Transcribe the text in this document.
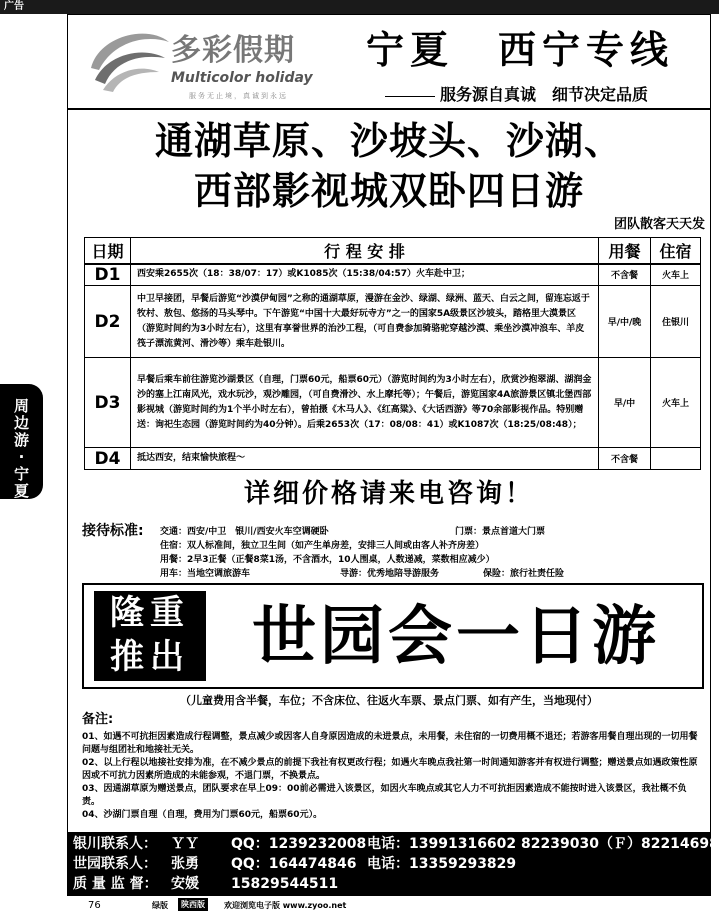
广告
周边游·宁夏
多彩假期
Multicolor holiday
服务无止境，真诚到永远
宁夏　西宁专线
服务源自真诚　细节决定品质
通湖草原、沙坡头、沙湖、
西部影视城双卧四日游
团队散客天天发
日期	行 程 安 排	用餐	住宿
D1	西安乘2655次（18：38/07：17）或K1085次（15:38/04:57）火车赴中卫；	不含餐	火车上
D2	中卫早接团，早餐后游览“沙漠伊甸园”之称的通湖草原，漫游在金沙、绿湖、绿洲、蓝天、白云之间，留连忘返于牧村、敖包、悠扬的马头琴中。下午游览“中国十大最好玩寺方”之一的国家5A级景区沙坡头，踏格里大漠景区（游览时间约为3小时左右），这里有享誉世界的治沙工程，（可自费参加骑骆驼穿越沙漠、乘坐沙漠冲浪车、羊皮筏子漂流黄河、滑沙等）乘车赴银川。	早/中/晚	住银川
D3	早餐后乘车前往游览沙湖景区（自理，门票60元，船票60元）（游览时间约为3小时左右），欣赏沙抱翠湖、湖润金沙的塞上江南风光，戏水玩沙，观沙雕园，（可自费滑沙、水上摩托等）；午餐后，游览国家4A旅游景区镇北堡西部影视城（游览时间约为1个半小时左右），曾拍摄《木马人》、《红高粱》、《大话西游》等70余部影视作品。特别赠送：询祀生态园（游览时间约为40分钟）。后乘2653次（17：08/08：41）或K1087次（18:25/08:48）；	早/中	火车上
D4	抵达西安，结束愉快旅程～	不含餐	
详细价格请来电咨询！
接待标准: 交通：西安/中卫　银川/西安火车空调硬卧	门票：景点首道大门票
住宿：双人标准间，独立卫生间（如产生单房差，安排三人间或由客人补齐房差）
用餐：2早3正餐（正餐8菜1汤，不含酒水，10人围桌，人数递减，菜数相应减少）
用车：当地空调旅游车	导游：优秀地陪导游服务	保险：旅行社责任险
隆重
推出 世园会一日游
（儿童费用含半餐，车位；不含床位、往返火车票、景点门票、如有产生，当地现付）
备注:
01、如遇不可抗拒因素造成行程调整，景点减少或因客人自身原因造成的未进景点，未用餐，未住宿的一切费用概不退还；若游客用餐自理出现的一切用餐问题与组团社和地接社无关。
02、以上行程以地接社安排为准，在不减少景点的前提下我社有权更改行程；如遇火车晚点我社第一时间通知游客并有权进行调整；赠送景点如遇政策性原因或不可抗力因素所造成的未能参观，不退门票，不换景点。
03、因通湖草原为赠送景点，团队要求在早上09：00前必需进入该景区，如因火车晚点或其它人力不可抗拒因素造成不能按时进入该景区，我社概不负责。
04、沙湖门票自理（自理，费用为门票60元，船票60元）。
银川联系人： ＹＹ QQ：1239232008 电话：13991316602 82239030（Ｆ）82214698
世园联系人： 张勇 QQ：164474846 电话：13359293829
质 量 监 督： 安媛 15829544511
76	绿版	陕西版	欢迎浏览电子版 www.zyoo.net
